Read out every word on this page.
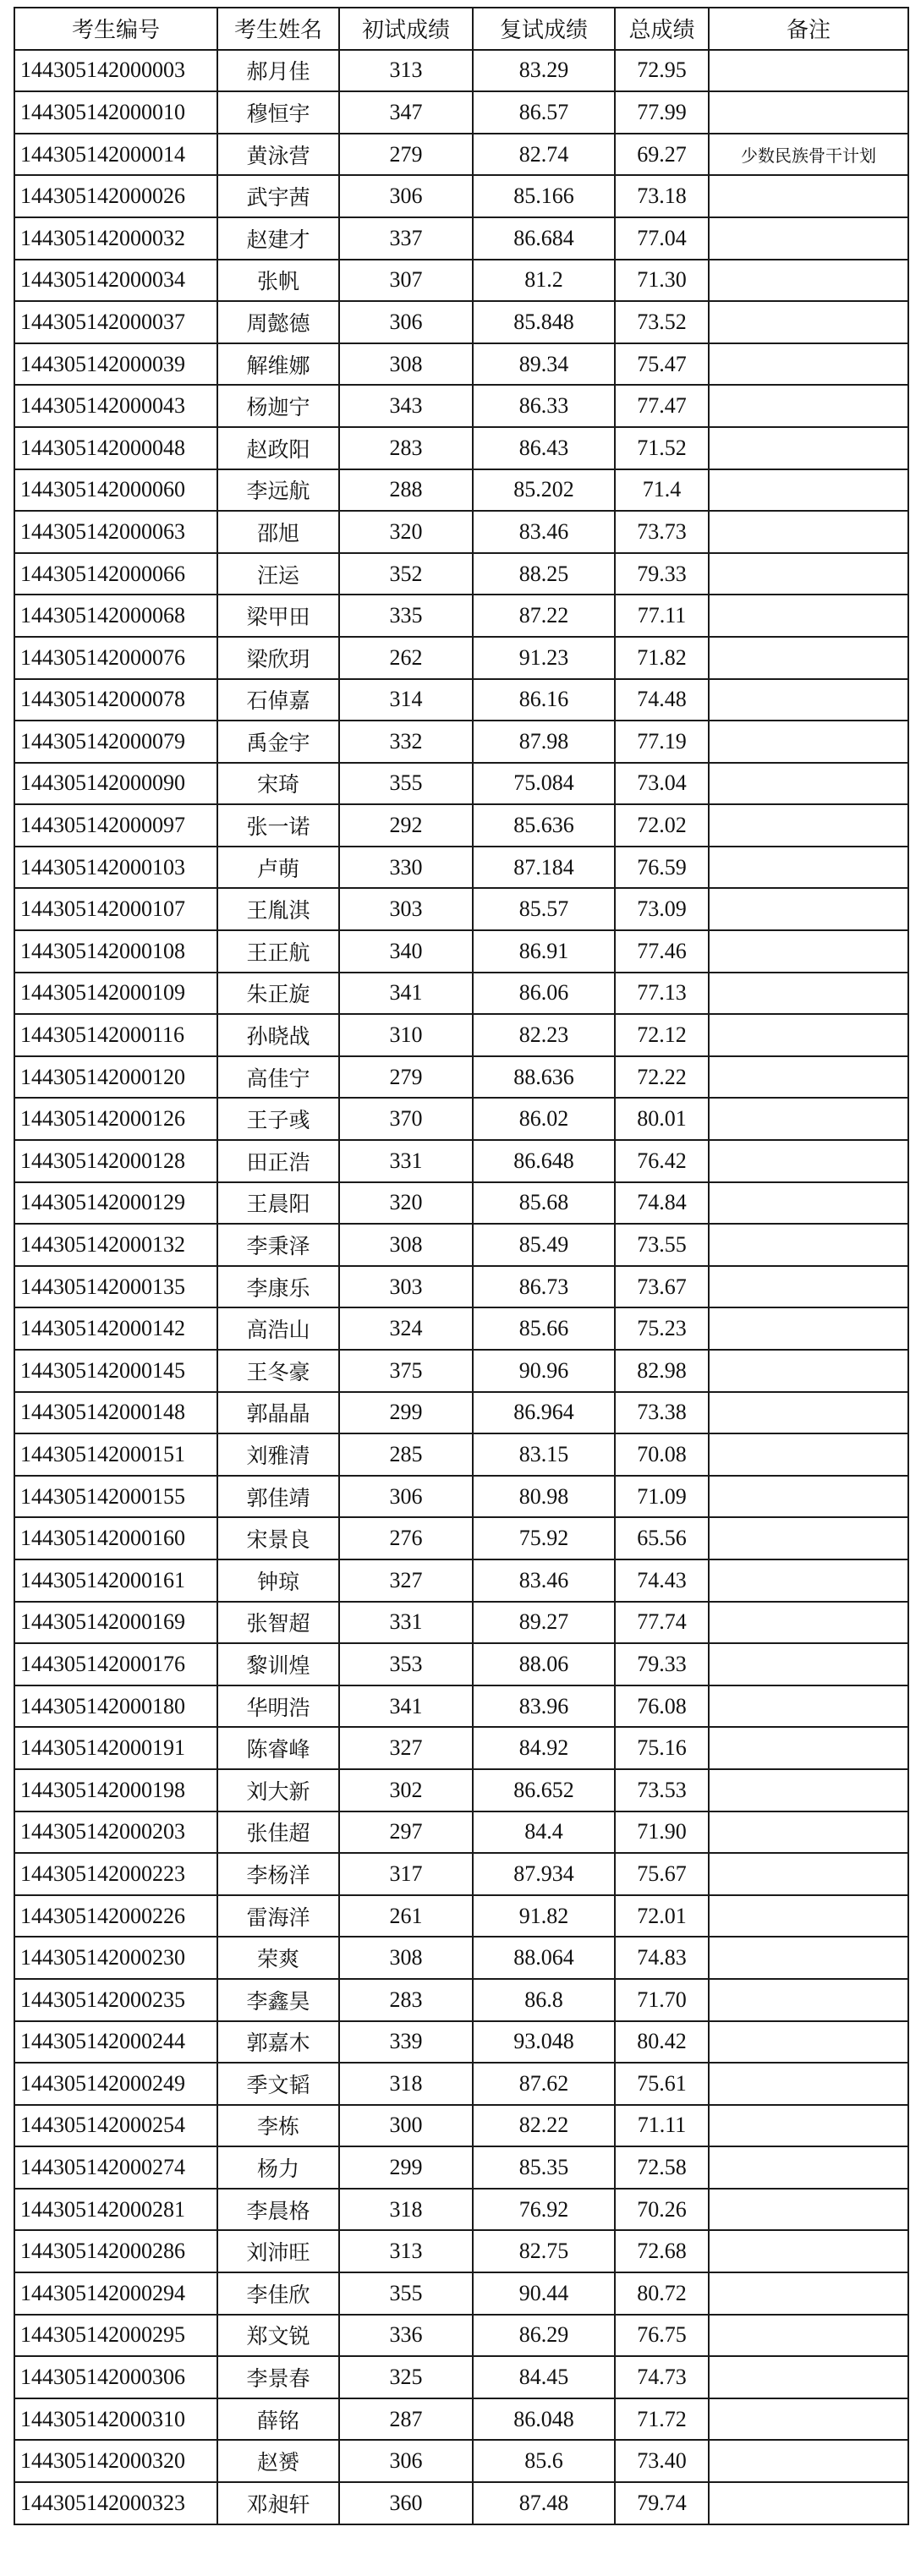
考生编号	考生姓名	初试成绩	复试成绩	总成绩	备注
144305142000003	郝月佳	313	83.29	72.95	
144305142000010	穆恒宇	347	86.57	77.99	
144305142000014	黄泳营	279	82.74	69.27	少数民族骨干计划
144305142000026	武宇茜	306	85.166	73.18	
144305142000032	赵建才	337	86.684	77.04	
144305142000034	张帆	307	81.2	71.30	
144305142000037	周懿德	306	85.848	73.52	
144305142000039	解维娜	308	89.34	75.47	
144305142000043	杨迦宁	343	86.33	77.47	
144305142000048	赵政阳	283	86.43	71.52	
144305142000060	李远航	288	85.202	71.4	
144305142000063	邵旭	320	83.46	73.73	
144305142000066	汪运	352	88.25	79.33	
144305142000068	梁甲田	335	87.22	77.11	
144305142000076	梁欣玥	262	91.23	71.82	
144305142000078	石倬嘉	314	86.16	74.48	
144305142000079	禹金宇	332	87.98	77.19	
144305142000090	宋琦	355	75.084	73.04	
144305142000097	张一诺	292	85.636	72.02	
144305142000103	卢萌	330	87.184	76.59	
144305142000107	王胤淇	303	85.57	73.09	
144305142000108	王正航	340	86.91	77.46	
144305142000109	朱正旋	341	86.06	77.13	
144305142000116	孙晓战	310	82.23	72.12	
144305142000120	高佳宁	279	88.636	72.22	
144305142000126	王子彧	370	86.02	80.01	
144305142000128	田正浩	331	86.648	76.42	
144305142000129	王晨阳	320	85.68	74.84	
144305142000132	李秉泽	308	85.49	73.55	
144305142000135	李康乐	303	86.73	73.67	
144305142000142	高浩山	324	85.66	75.23	
144305142000145	王冬豪	375	90.96	82.98	
144305142000148	郭晶晶	299	86.964	73.38	
144305142000151	刘雅清	285	83.15	70.08	
144305142000155	郭佳靖	306	80.98	71.09	
144305142000160	宋景良	276	75.92	65.56	
144305142000161	钟琼	327	83.46	74.43	
144305142000169	张智超	331	89.27	77.74	
144305142000176	黎训煌	353	88.06	79.33	
144305142000180	华明浩	341	83.96	76.08	
144305142000191	陈睿峰	327	84.92	75.16	
144305142000198	刘大新	302	86.652	73.53	
144305142000203	张佳超	297	84.4	71.90	
144305142000223	李杨洋	317	87.934	75.67	
144305142000226	雷海洋	261	91.82	72.01	
144305142000230	荣爽	308	88.064	74.83	
144305142000235	李鑫昊	283	86.8	71.70	
144305142000244	郭嘉木	339	93.048	80.42	
144305142000249	季文韬	318	87.62	75.61	
144305142000254	李栋	300	82.22	71.11	
144305142000274	杨力	299	85.35	72.58	
144305142000281	李晨格	318	76.92	70.26	
144305142000286	刘沛旺	313	82.75	72.68	
144305142000294	李佳欣	355	90.44	80.72	
144305142000295	郑文锐	336	86.29	76.75	
144305142000306	李景春	325	84.45	74.73	
144305142000310	薛铭	287	86.048	71.72	
144305142000320	赵赟	306	85.6	73.40	
144305142000323	邓昶轩	360	87.48	79.74	
